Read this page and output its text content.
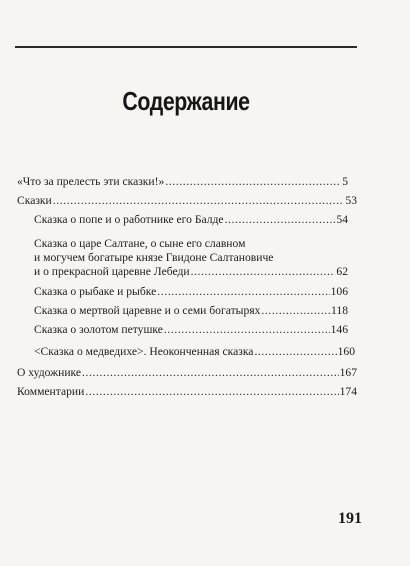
Содержание
«Что за прелесть эти сказки!» .....	5
Сказки .....	53
Сказка о попе и о работнике его Балде .....	54
Сказка о царе Салтане, о сыне его славном
и могучем богатыре князе Гвидоне Салтановиче
и о прекрасной царевне Лебеди .....	62
Сказка о рыбаке и рыбке .....	106
Сказка о мертвой царевне и о семи богатырях .....	118
Сказка о золотом петушке .....	146
<Сказка о медведихе>. Неоконченная сказка .....	160
О художнике .....	167
Комментарии .....	174
191
